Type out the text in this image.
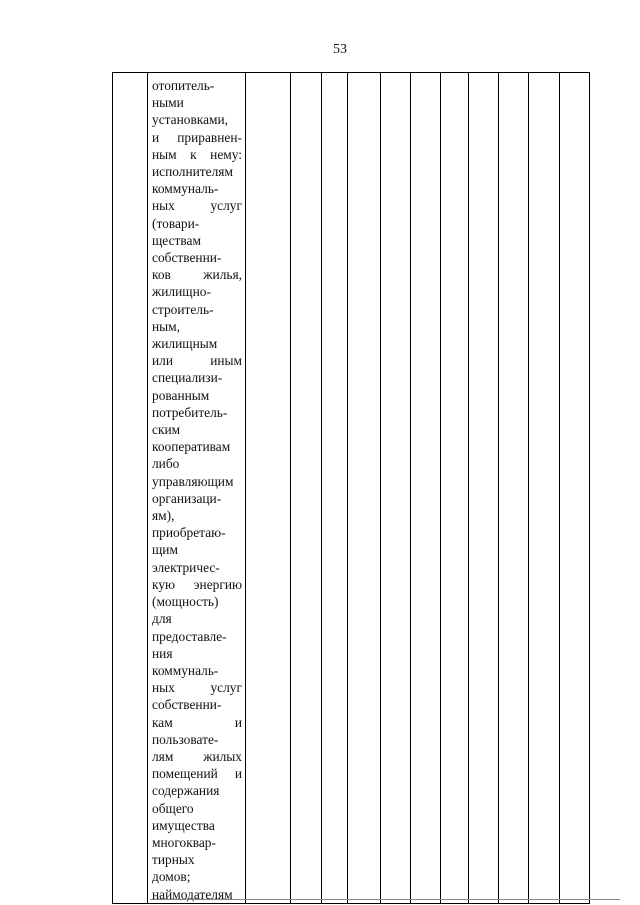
53

отопитель-
ными
установками,
и приравнен-
ным к нему:
исполнителям
коммуналь-
ных услуг
(товари-
ществам
собственни-
ков жилья,
жилищно-
строитель-
ным,
жилищным
или иным
специализи-
рованным
потребитель-
ским
кооперативам
либо
управляющим
организаци-
ям),
приобретаю-
щим
электричес-
кую энергию
(мощность)
для
предоставле-
ния
коммуналь-
ных услуг
собственни-
кам и
пользовате-
лям жилых
помещений и
содержания
общего
имущества
многоквар-
тирных
домов;
наймодателям
